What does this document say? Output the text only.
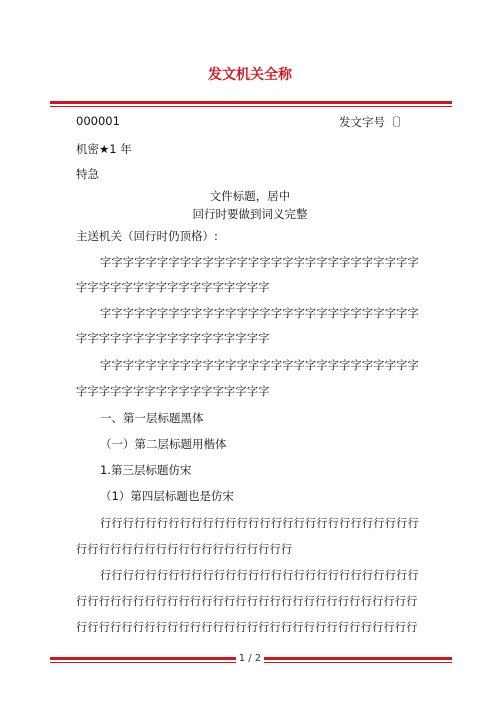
发文机关全称
000001	发文字号〔〕
机密★1 年
特急
文件标题，居中
回行时要做到词义完整
主送机关（回行时仍顶格）:
字字字字字字字字字字字字字字字字字字字字字字字字字字字字
字字字字字字字字字字字字字字字字字
字字字字字字字字字字字字字字字字字字字字字字字字字字字字
字字字字字字字字字字字字字字字字字
字字字字字字字字字字字字字字字字字字字字字字字字字字字字
字字字字字字字字字字字字字字字字字
一、第一层标题黑体
（一）第二层标题用楷体
1.第三层标题仿宋
（1）第四层标题也是仿宋
行行行行行行行行行行行行行行行行行行行行行行行行行行行行
行行行行行行行行行行行行行行行行行行行
行行行行行行行行行行行行行行行行行行行行行行行行行行行行
行行行行行行行行行行行行行行行行行行行行行行行行行行行行行行
行行行行行行行行行行行行行行行行行行行行行行行行行行行行行行
1 / 2
